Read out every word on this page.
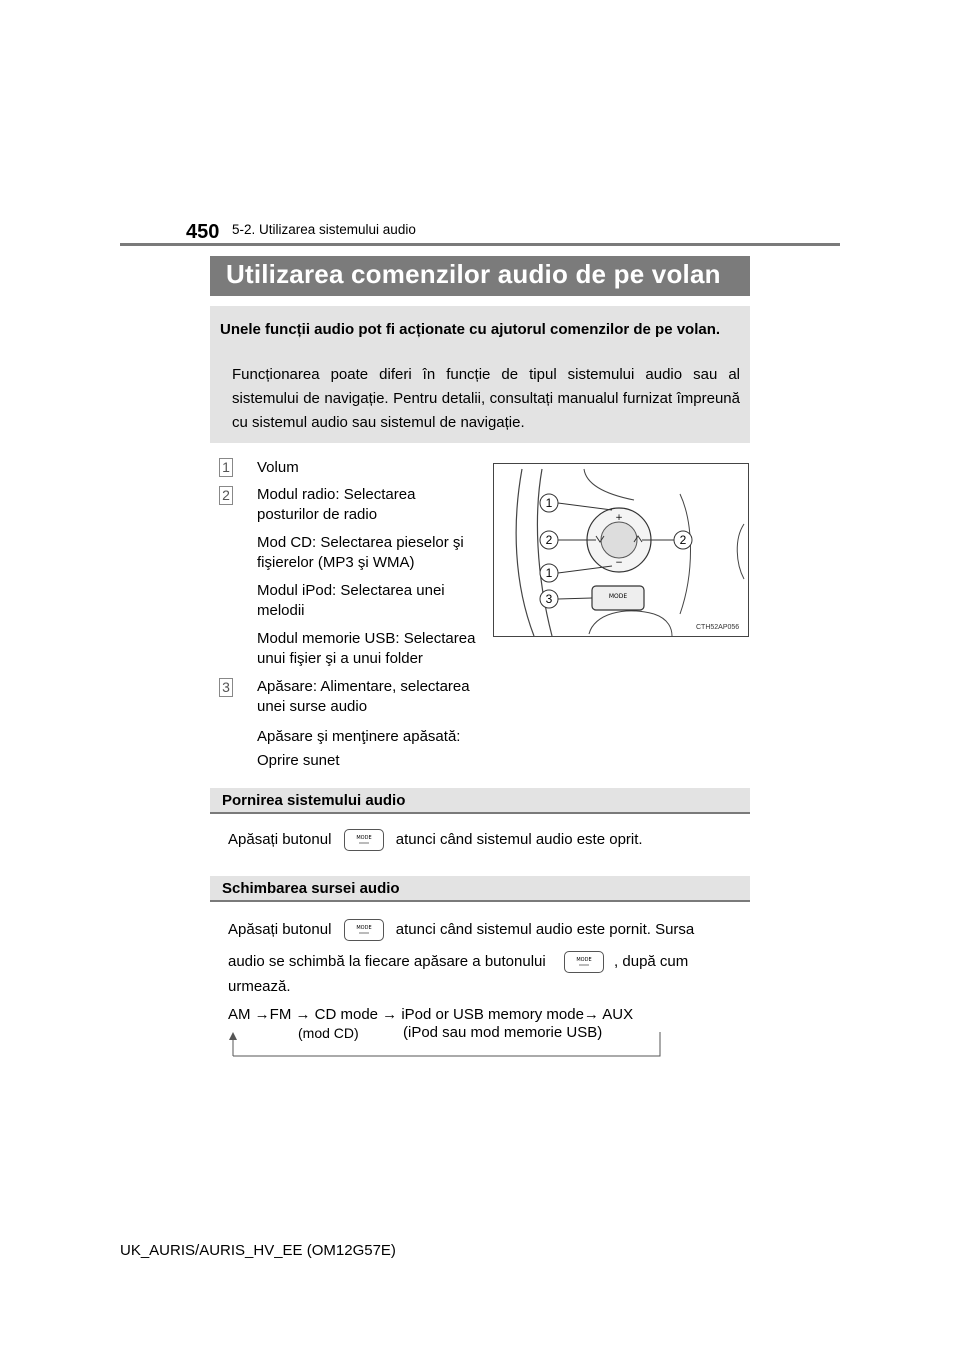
450 5-2. Utilizarea sistemului audio
Utilizarea comenzilor audio de pe volan
Unele funcții audio pot fi acționate cu ajutorul comenzilor de pe volan.
Funcționarea poate diferi în funcție de tipul sistemului audio sau al sistemului de navigație. Pentru detalii, consultați manualul furnizat împreună cu sistemul audio sau sistemul de navigație.
1 Volum
2 Modul radio: Selectarea posturilor de radio
Mod CD: Selectarea pieselor şi fişierelor (MP3 şi WMA)
Modul iPod: Selectarea unei melodii
Modul memorie USB: Selectarea unui fişier şi a unui folder
3 Apăsare: Alimentare, selectarea unei surse audio
Apăsare şi menţinere apăsată: Oprire sunet
+
−
MODE
1
2	2
1
3
CTH52AP056
Pornirea sistemului audio
Apăsați butonul	MODE atunci când sistemul audio este oprit.
Schimbarea sursei audio
Apăsați butonul	MODE atunci când sistemul audio este pornit. Sursa
audio se schimbă la fiecare apăsare a butonului	MODE , după cum
urmează.
AM →FM → CD mode → iPod or USB memory mode→ AUX
(mod CD)	(iPod sau mod memorie USB)
UK_AURIS/AURIS_HV_EE (OM12G57E)
